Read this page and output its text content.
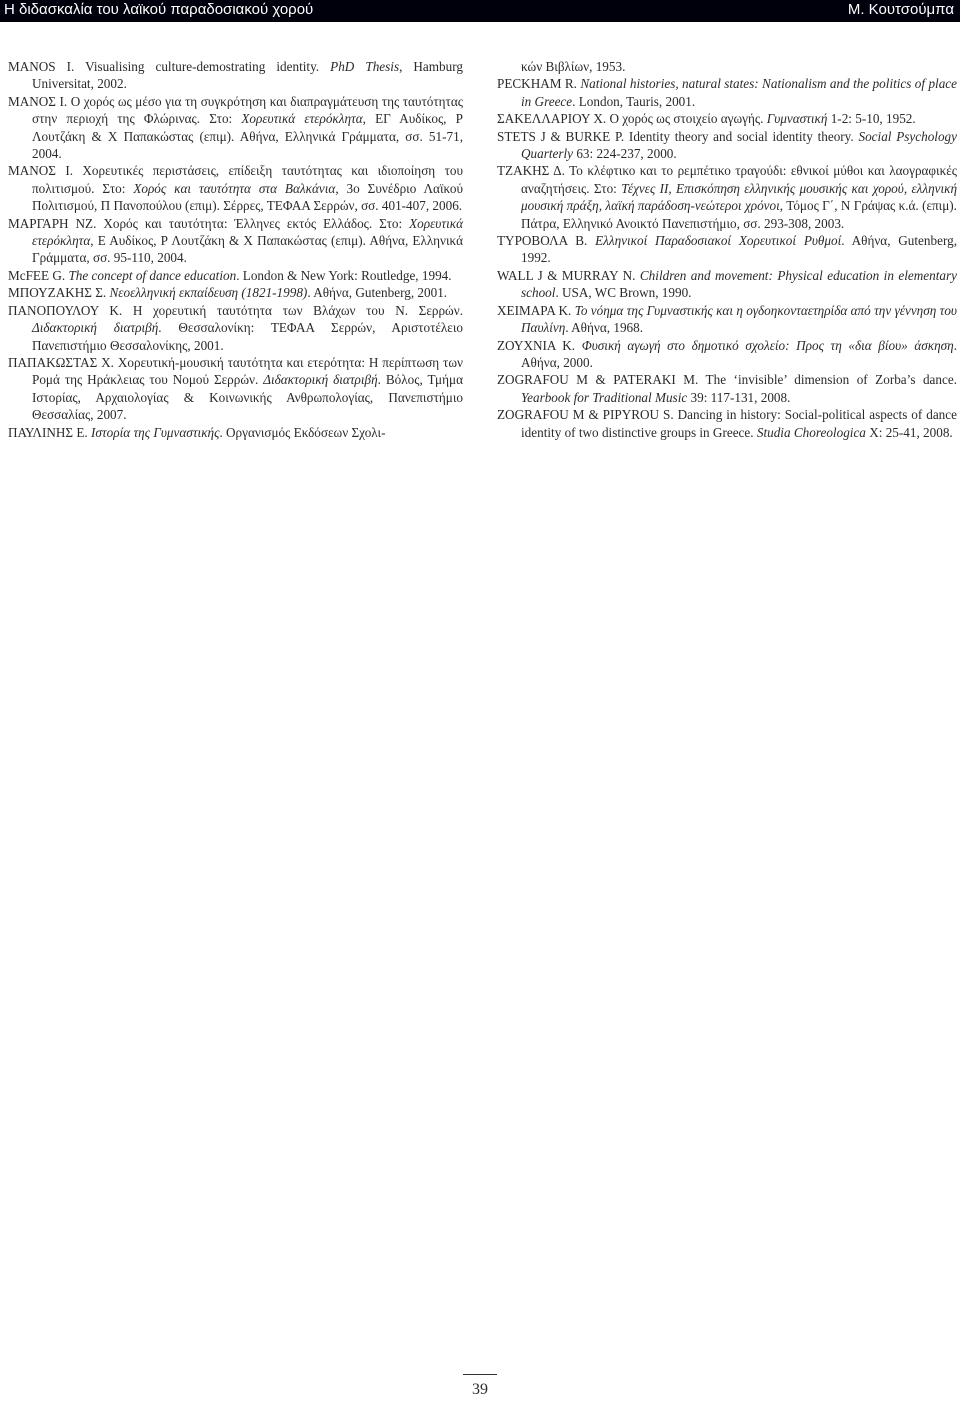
Η διδασκαλία του λαϊκού παραδοσιακού χορού	Μ. Κουτσούμπα

MANOS I. Visualising culture-demostrating identity. PhD Thesis, Hamburg Universitat, 2002.

ΜΑΝΟΣ Ι. Ο χορός ως μέσο για τη συγκρότηση και διαπραγμάτευση της ταυτότητας στην περιοχή της Φλώρινας. Στο: Χορευτικά ετερόκλητα, ΕΓ Αυδίκος, Ρ Λουτζάκη & Χ Παπακώστας (επιμ). Αθήνα, Ελληνικά Γράμματα, σσ. 51-71, 2004.

ΜΑΝΟΣ Ι. Χορευτικές περιστάσεις, επίδειξη ταυτότητας και ιδιοποίηση του πολιτισμού. Στο: Χορός και ταυτότητα στα Βαλκάνια, 3ο Συνέδριο Λαϊκού Πολιτισμού, Π Πανοπούλου (επιμ). Σέρρες, ΤΕΦΑΑ Σερρών, σσ. 401-407, 2006.

ΜΑΡΓΑΡΗ ΝΖ. Χορός και ταυτότητα: Έλληνες εκτός Ελλάδος. Στο: Χορευτικά ετερόκλητα, Ε Αυδίκος, Ρ Λουτζάκη & Χ Παπακώστας (επιμ). Αθήνα, Ελληνικά Γράμματα, σσ. 95-110, 2004.

McFEE G. The concept of dance education. London & New York: Routledge, 1994.

ΜΠΟΥΖΑΚΗΣ Σ. Νεοελληνική εκπαίδευση (1821-1998). Αθήνα, Gutenberg, 2001.

ΠΑΝΟΠΟΥΛΟΥ Κ. Η χορευτική ταυτότητα των Βλάχων του Ν. Σερρών. Διδακτορική διατριβή. Θεσσαλονίκη: ΤΕΦΑΑ Σερρών, Αριστοτέλειο Πανεπιστήμιο Θεσσαλονίκης, 2001.

ΠΑΠΑΚΩΣΤΑΣ Χ. Χορευτική-μουσική ταυτότητα και ετερότητα: Η περίπτωση των Ρομά της Ηράκλειας του Νομού Σερρών. Διδακτορική διατριβή. Βόλος, Τμήμα Ιστορίας, Αρχαιολογίας & Κοινωνικής Ανθρωπολογίας, Πανεπιστήμιο Θεσσαλίας, 2007.

ΠΑΥΛΙΝΗΣ Ε. Ιστορία της Γυμναστικής. Οργανισμός Εκδόσεων Σχολι-

κών Βιβλίων, 1953.

PECKHAM R. National histories, natural states: Nationalism and the politics of place in Greece. London, Tauris, 2001.

ΣΑΚΕΛΛΑΡΙΟΥ Χ. Ο χορός ως στοιχείο αγωγής. Γυμναστική 1-2: 5-10, 1952.

STETS J & BURKE P. Identity theory and social identity theory. Social Psychology Quarterly 63: 224-237, 2000.

ΤΖΑΚΗΣ Δ. Το κλέφτικο και το ρεμπέτικο τραγούδι: εθνικοί μύθοι και λαογραφικές αναζητήσεις. Στο: Τέχνες ΙΙ, Επισκόπηση ελληνικής μουσικής και χορού, ελληνική μουσική πράξη, λαϊκή παράδοση-νεώτεροι χρόνοι, Τόμος Γ΄, Ν Γράψας κ.ά. (επιμ). Πάτρα, Ελληνικό Ανοικτό Πανεπιστήμιο, σσ. 293-308, 2003.

ΤΥΡΟΒΟΛΑ Β. Ελληνικοί Παραδοσιακοί Χορευτικοί Ρυθμοί. Αθήνα, Gutenberg, 1992.

WALL J & MURRAY N. Children and movement: Physical education in elementary school. USA, WC Brown, 1990.

ΧΕΙΜΑΡΑ Κ. Το νόημα της Γυμναστικής και η ογδοηκονταετηρίδα από την γέννηση του Παυλίνη. Αθήνα, 1968.

ΖΟΥΧΝΙΑ Κ. Φυσική αγωγή στο δημοτικό σχολείο: Προς τη «δια βίου» άσκηση. Αθήνα, 2000.

ZOGRAFOU M & PATERAKI M. The ‘invisible’ dimension of Zorba’s dance. Yearbook for Traditional Music 39: 117-131, 2008.

ZOGRAFOU M & PIPYROU S. Dancing in history: Social-political aspects of dance identity of two distinctive groups in Greece. Studia Choreologica X: 25-41, 2008.

39
